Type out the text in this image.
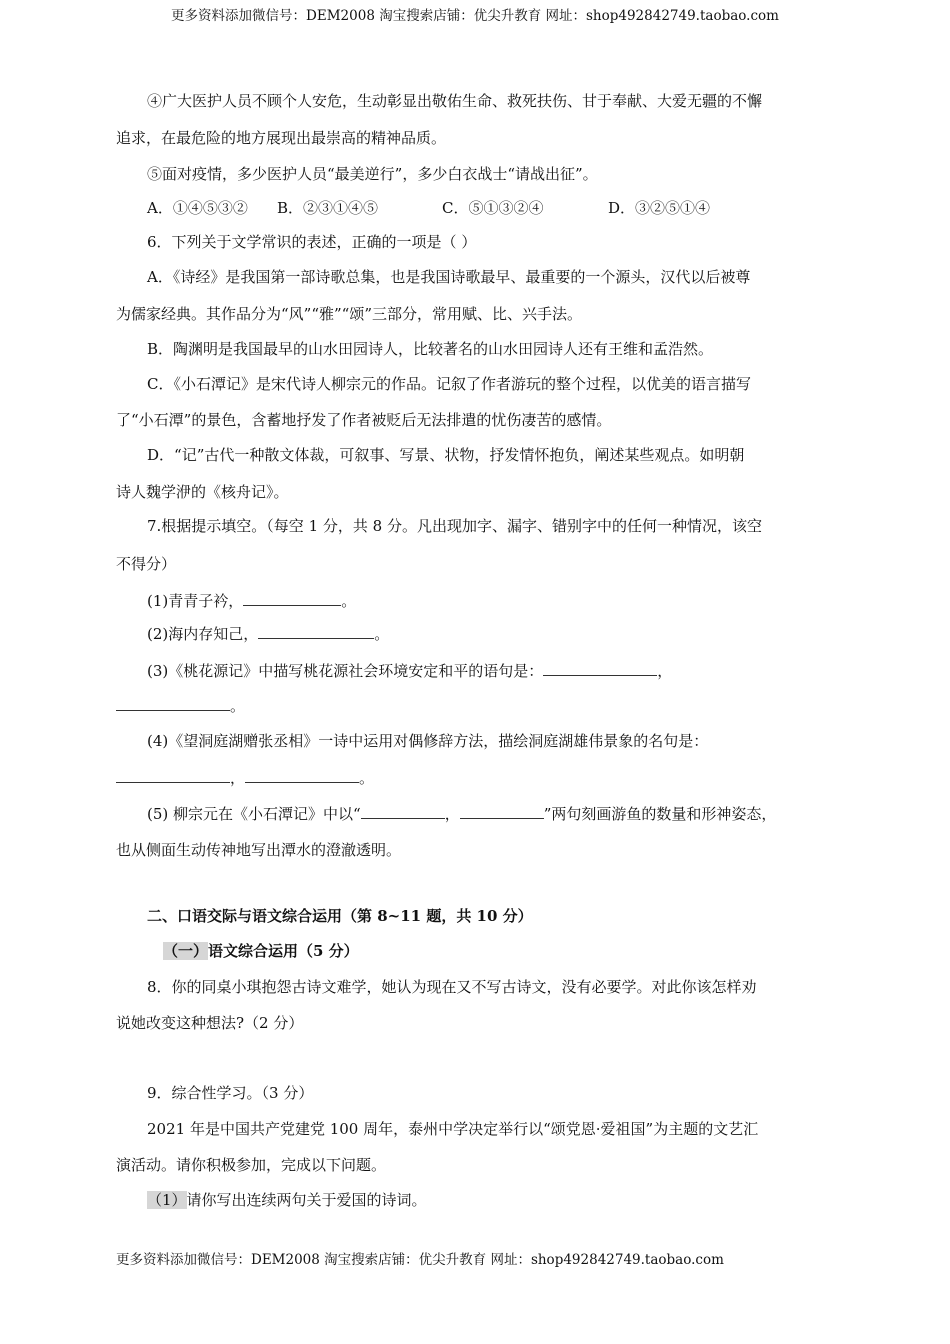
更多资料添加微信号：DEM2008 淘宝搜索店铺：优尖升教育 网址：shop492842749.taobao.com
④广大医护人员不顾个人安危，生动彰显出敬佑生命、救死扶伤、甘于奉献、大爱无疆的不懈
追求，在最危险的地方展现出最崇高的精神品质。
⑤面对疫情，多少医护人员“最美逆行”，多少白衣战士“请战出征”。
A．①④⑤③② B．②③①④⑤	C．⑤①③②④	D．③②⑤①④
6．下列关于文学常识的表述，正确的一项是（ ）
A．《诗经》是我国第一部诗歌总集，也是我国诗歌最早、最重要的一个源头，汉代以后被尊
为儒家经典。其作品分为“风”“雅”“颂”三部分，常用赋、比、兴手法。
B．陶渊明是我国最早的山水田园诗人，比较著名的山水田园诗人还有王维和孟浩然。
C．《小石潭记》是宋代诗人柳宗元的作品。记叙了作者游玩的整个过程，以优美的语言描写
了“小石潭”的景色，含蓄地抒发了作者被贬后无法排遣的忧伤凄苦的感情。
D．“记”古代一种散文体裁，可叙事、写景、状物，抒发情怀抱负，阐述某些观点。如明朝
诗人魏学洢的《核舟记》。
7.根据提示填空。（每空 1 分，共 8 分。凡出现加字、漏字、错别字中的任何一种情况，该空
不得分）
(1)青青子衿，	。
(2)海内存知己，	。
(3)《桃花源记》中描写桃花源社会环境安定和平的语句是：	，
。
(4)《望洞庭湖赠张丞相》一诗中运用对偶修辞方法，描绘洞庭湖雄伟景象的名句是：
，	。
(5) 柳宗元在《小石潭记》中以“	，	”两句刻画游鱼的数量和形神姿态，
也从侧面生动传神地写出潭水的澄澈透明。
二、口语交际与语文综合运用（第 8~11 题，共 10 分）
（一）语文综合运用（5 分）
8．你的同桌小琪抱怨古诗文难学，她认为现在又不写古诗文，没有必要学。对此你该怎样劝
说她改变这种想法?（2 分）
9．综合性学习。（3 分）
2021 年是中国共产党建党 100 周年，泰州中学决定举行以“颂党恩·爱祖国”为主题的文艺汇
演活动。请你积极参加，完成以下问题。
（1）请你写出连续两句关于爱国的诗词。
更多资料添加微信号：DEM2008 淘宝搜索店铺：优尖升教育 网址：shop492842749.taobao.com
